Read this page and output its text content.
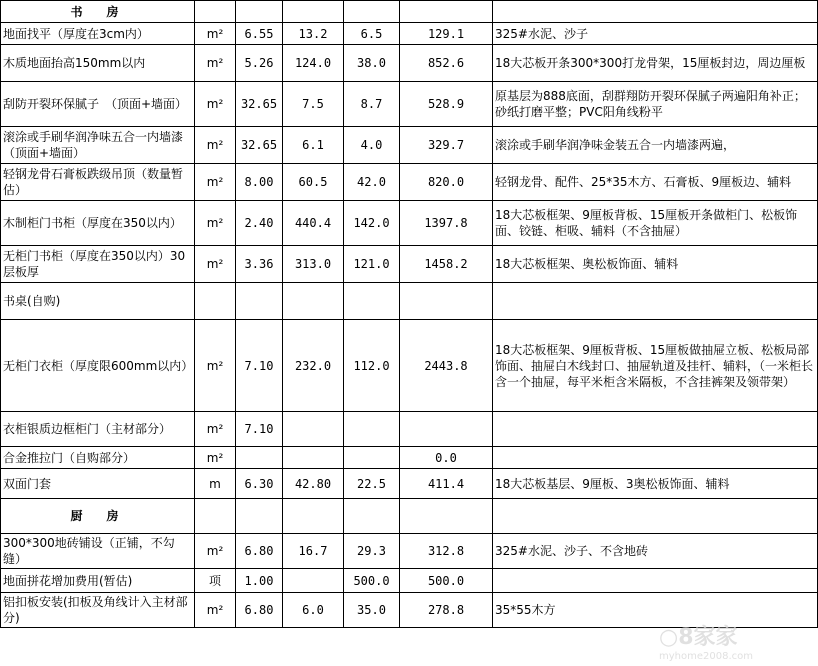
书　房						
地面找平（厚度在3cm内）	m²	6.55	13.2	6.5	129.1	325#水泥、沙子
木质地面抬高150mm以内	m²	5.26	124.0	38.0	852.6	18大芯板开条300*300打龙骨架，15厘板封边，周边厘板
刮防开裂环保腻子　（顶面+墙面）	m²	32.65	7.5	8.7	528.9	原基层为888底面，刮群翔防开裂环保腻子两遍阳角补正；砂纸打磨平整；PVC阳角线粉平
滚涂或手刷华润净味五合一内墙漆　（顶面+墙面）	m²	32.65	6.1	4.0	329.7	滚涂或手刷华润净味金装五合一内墙漆两遍，
轻钢龙骨石膏板跌级吊顶（数量暂估）	m²	8.00	60.5	42.0	820.0	轻钢龙骨、配件、25*35木方、石膏板、9厘板边、辅料
木制柜门书柜（厚度在350以内）	m²	2.40	440.4	142.0	1397.8	18大芯板框架、9厘板背板、15厘板开条做柜门、松板饰面、铰链、柜吸、辅料（不含抽屉）
无柜门书柜（厚度在350以内）30层板厚	m²	3.36	313.0	121.0	1458.2	18大芯板框架、奥松板饰面、辅料
书桌(自购)						
无柜门衣柜（厚度限600mm以内）	m²	7.10	232.0	112.0	2443.8	18大芯板框架、9厘板背板、15厘板做抽屉立板、松板局部饰面、抽屉白木线封口、抽屉轨道及挂杆、辅料，（一米柜长含一个抽屉，每平米柜含米隔板，不含挂裤架及领带架）
衣柜银质边框柜门（主材部分）	m²	7.10				
合金推拉门（自购部分）	m²				0.0	
双面门套	m	6.30	42.80	22.5	411.4	18大芯板基层、9厘板、3奥松板饰面、辅料
厨　房						
300*300地砖铺设（正铺，不勾缝）	m²	6.80	16.7	29.3	312.8	325#水泥、沙子、不含地砖
地面拼花增加费用(暂估)	项	1.00		500.0	500.0	
铝扣板安装(扣板及角线计入主材部分)	m²	6.80	6.0	35.0	278.8	35*55木方
○8家家
myhome2008.com
